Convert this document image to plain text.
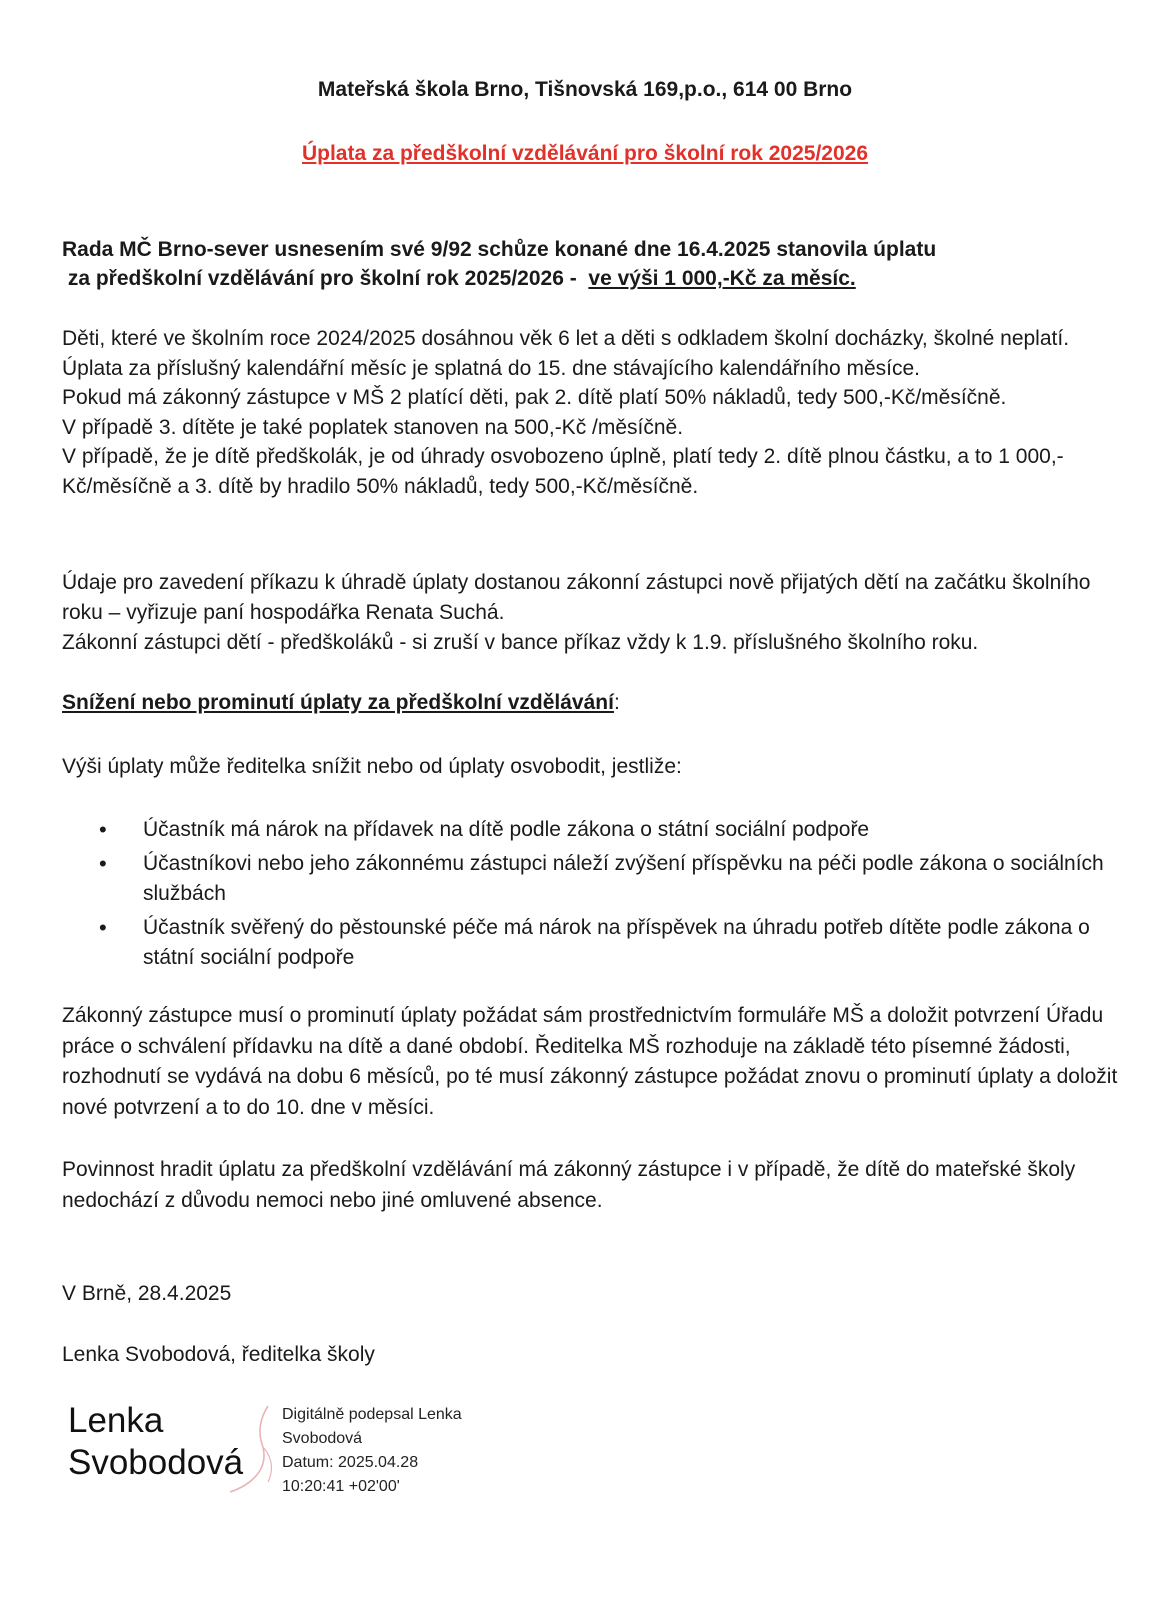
Mateřská škola Brno, Tišnovská 169,p.o., 614 00 Brno
Úplata za předškolní vzdělávání pro školní rok 2025/2026
Rada MČ Brno-sever usnesením své 9/92 schůze konané dne 16.4.2025 stanovila úplatu
za předškolní vzdělávání pro školní rok 2025/2026 - ve výši 1 000,-Kč za měsíc.
Děti, které ve školním roce 2024/2025 dosáhnou věk 6 let a děti s odkladem školní docházky, školné neplatí.
Úplata za příslušný kalendářní měsíc je splatná do 15. dne stávajícího kalendářního měsíce.
Pokud má zákonný zástupce v MŠ 2 platící děti, pak 2. dítě platí 50% nákladů, tedy 500,-Kč/měsíčně.
V případě 3. dítěte je také poplatek stanoven na 500,-Kč /měsíčně.
V případě, že je dítě předškolák, je od úhrady osvobozeno úplně, platí tedy 2. dítě plnou částku, a to 1 000,-Kč/měsíčně a 3. dítě by hradilo 50% nákladů, tedy 500,-Kč/měsíčně.
Údaje pro zavedení příkazu k úhradě úplaty dostanou zákonní zástupci nově přijatých dětí na začátku školního roku – vyřizuje paní hospodářka Renata Suchá.
Zákonní zástupci dětí - předškoláků - si zruší v bance příkaz vždy k 1.9. příslušného školního roku.
Snížení nebo prominutí úplaty za předškolní vzdělávání:
Výši úplaty může ředitelka snížit nebo od úplaty osvobodit, jestliže:
• Účastník má nárok na přídavek na dítě podle zákona o státní sociální podpoře
• Účastníkovi nebo jeho zákonnému zástupci náleží zvýšení příspěvku na péči podle zákona o sociálních službách
• Účastník svěřený do pěstounské péče má nárok na příspěvek na úhradu potřeb dítěte podle zákona o státní sociální podpoře
Zákonný zástupce musí o prominutí úplaty požádat sám prostřednictvím formuláře MŠ a doložit potvrzení Úřadu práce o schválení přídavku na dítě a dané období. Ředitelka MŠ rozhoduje na základě této písemné žádosti, rozhodnutí se vydává na dobu 6 měsíců, po té musí zákonný zástupce požádat znovu o prominutí úplaty a doložit nové potvrzení a to do 10. dne v měsíci.
Povinnost hradit úplatu za předškolní vzdělávání má zákonný zástupce i v případě, že dítě do mateřské školy nedochází z důvodu nemoci nebo jiné omluvené absence.
V Brně, 28.4.2025
Lenka Svobodová, ředitelka školy
Lenka
Svobodová
Digitálně podepsal Lenka
Svobodová
Datum: 2025.04.28
10:20:41 +02'00'
